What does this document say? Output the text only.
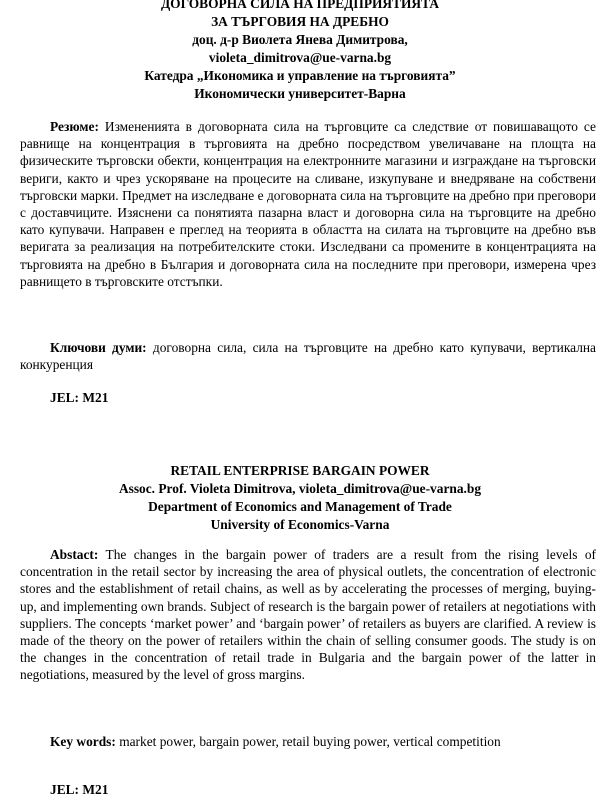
ДОГОВОРНА СИЛА НА ПРЕДПРИЯТИЯТА
ЗА ТЪРГОВИЯ НА ДРЕБНО
доц. д-р Виолета Янева Димитрова,
violeta_dimitrova@ue-varna.bg
Катедра „Икономика и управление на търговията”
Икономически университет-Варна

Резюме: Измененията в договорната сила на търговците са следствие от повишаващото се равнище на концентрация в търговията на дребно посредством увеличаване на площта на физическите търговски обекти, концентрация на електронните магазини и изграждане на търговски вериги, както и чрез ускоряване на процесите на сливане, изкупуване и внедряване на собствени търговски марки. Предмет на изследване е договорната сила на търговците на дребно при преговори с доставчиците. Изяснени са понятията пазарна власт и договорна сила на търговците на дребно като купувачи. Направен е преглед на теорията в областта на силата на търговците на дребно във веригата за реализация на потребителските стоки. Изследвани са промените в концентрацията на търговията на дребно в България и договорната сила на последните при преговори, измерена чрез равнището в търговските отстъпки.

Ключови думи: договорна сила, сила на търговците на дребно като купувачи, вертикална конкуренция

JEL: M21
RETAIL ENTERPRISE BARGAIN POWER
Assoc. Prof. Violeta Dimitrova, violeta_dimitrova@ue-varna.bg
Department of Economics and Management of Trade
University of Economics-Varna

Abstact: The changes in the bargain power of traders are a result from the rising levels of concentration in the retail sector by increasing the area of physical outlets, the concentration of electronic stores and the establishment of retail chains, as well as by accelerating the processes of merging, buying-up, and implementing own brands. Subject of research is the bargain power of retailers at negotiations with suppliers. The concepts ‘market power’ and ‘bargain power’ of retailers as buyers are clarified. A review is made of the theory on the power of retailers within the chain of selling consumer goods. The study is on the changes in the concentration of retail trade in Bulgaria and the bargain power of the latter in negotiations, measured by the level of gross margins.

Key words: market power, bargain power, retail buying power, vertical competition

JEL: M21
